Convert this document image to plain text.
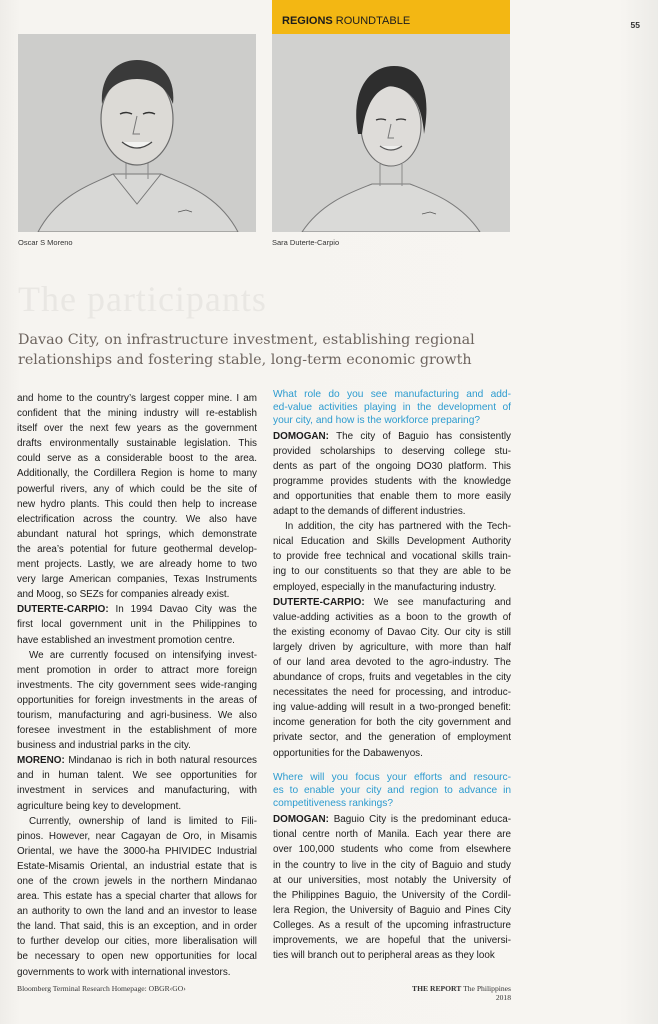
REGIONS ROUNDTABLE	55
Oscar S Moreno	Sara Duterte-Carpio
The participants
Davao City, on infrastructure investment, establishing regional
relationships and fostering stable, long-term economic growth
and home to the country’s largest copper mine. I am
confident that the mining industry will re-establish
itself over the next few years as the government
drafts environmentally sustainable legislation. This
could serve as a considerable boost to the area.
Additionally, the Cordillera Region is home to many
powerful rivers, any of which could be the site of
new hydro plants. This could then help to increase
electrification across the country. We also have
abundant natural hot springs, which demonstrate
the area’s potential for future geothermal develop-
ment projects. Lastly, we are already home to two
very large American companies, Texas Instruments
and Moog, so SEZs for companies already exist.
DUTERTE-CARPIO: In 1994 Davao City was the
first local government unit in the Philippines to
have established an investment promotion centre.
We are currently focused on intensifying invest-
ment promotion in order to attract more foreign
investments. The city government sees wide-ranging
opportunities for foreign investments in the areas of
tourism, manufacturing and agri-business. We also
foresee investment in the establishment of more
business and industrial parks in the city.
MORENO: Mindanao is rich in both natural resources
and in human talent. We see opportunities for
investment in services and manufacturing, with
agriculture being key to development.
Currently, ownership of land is limited to Fili-
pinos. However, near Cagayan de Oro, in Misamis
Oriental, we have the 3000-ha PHIVIDEC Industrial
Estate-Misamis Oriental, an industrial estate that is
one of the crown jewels in the northern Mindanao
area. This estate has a special charter that allows for
an authority to own the land and an investor to lease
the land. That said, this is an exception, and in order
to further develop our cities, more liberalisation will
be necessary to open new opportunities for local
governments to work with international investors.
What role do you see manufacturing and add-
ed-value activities playing in the development of
your city, and how is the workforce preparing?
DOMOGAN: The city of Baguio has consistently
provided scholarships to deserving college stu-
dents as part of the ongoing DO30 platform. This
programme provides students with the knowledge
and opportunities that enable them to more easily
adapt to the demands of different industries.
In addition, the city has partnered with the Tech-
nical Education and Skills Development Authority
to provide free technical and vocational skills train-
ing to our constituents so that they are able to be
employed, especially in the manufacturing industry.
DUTERTE-CARPIO: We see manufacturing and
value-adding activities as a boon to the growth of
the existing economy of Davao City. Our city is still
largely driven by agriculture, with more than half
of our land area devoted to the agro-industry. The
abundance of crops, fruits and vegetables in the city
necessitates the need for processing, and introduc-
ing value-adding will result in a two-pronged benefit:
income generation for both the city government and
private sector, and the generation of employment
opportunities for the Dabawenyos.
Where will you focus your efforts and resourc-
es to enable your city and region to advance in
competitiveness rankings?
DOMOGAN: Baguio City is the predominant educa-
tional centre north of Manila. Each year there are
over 100,000 students who come from elsewhere
in the country to live in the city of Baguio and study
at our universities, most notably the University of
the Philippines Baguio, the University of the Cordil-
lera Region, the University of Baguio and Pines City
Colleges. As a result of the upcoming infrastructure
improvements, we are hopeful that the universi-
ties will branch out to peripheral areas as they look
Bloomberg Terminal Research Homepage: OBGR‹GO›	THE REPORT The Philippines 2018
